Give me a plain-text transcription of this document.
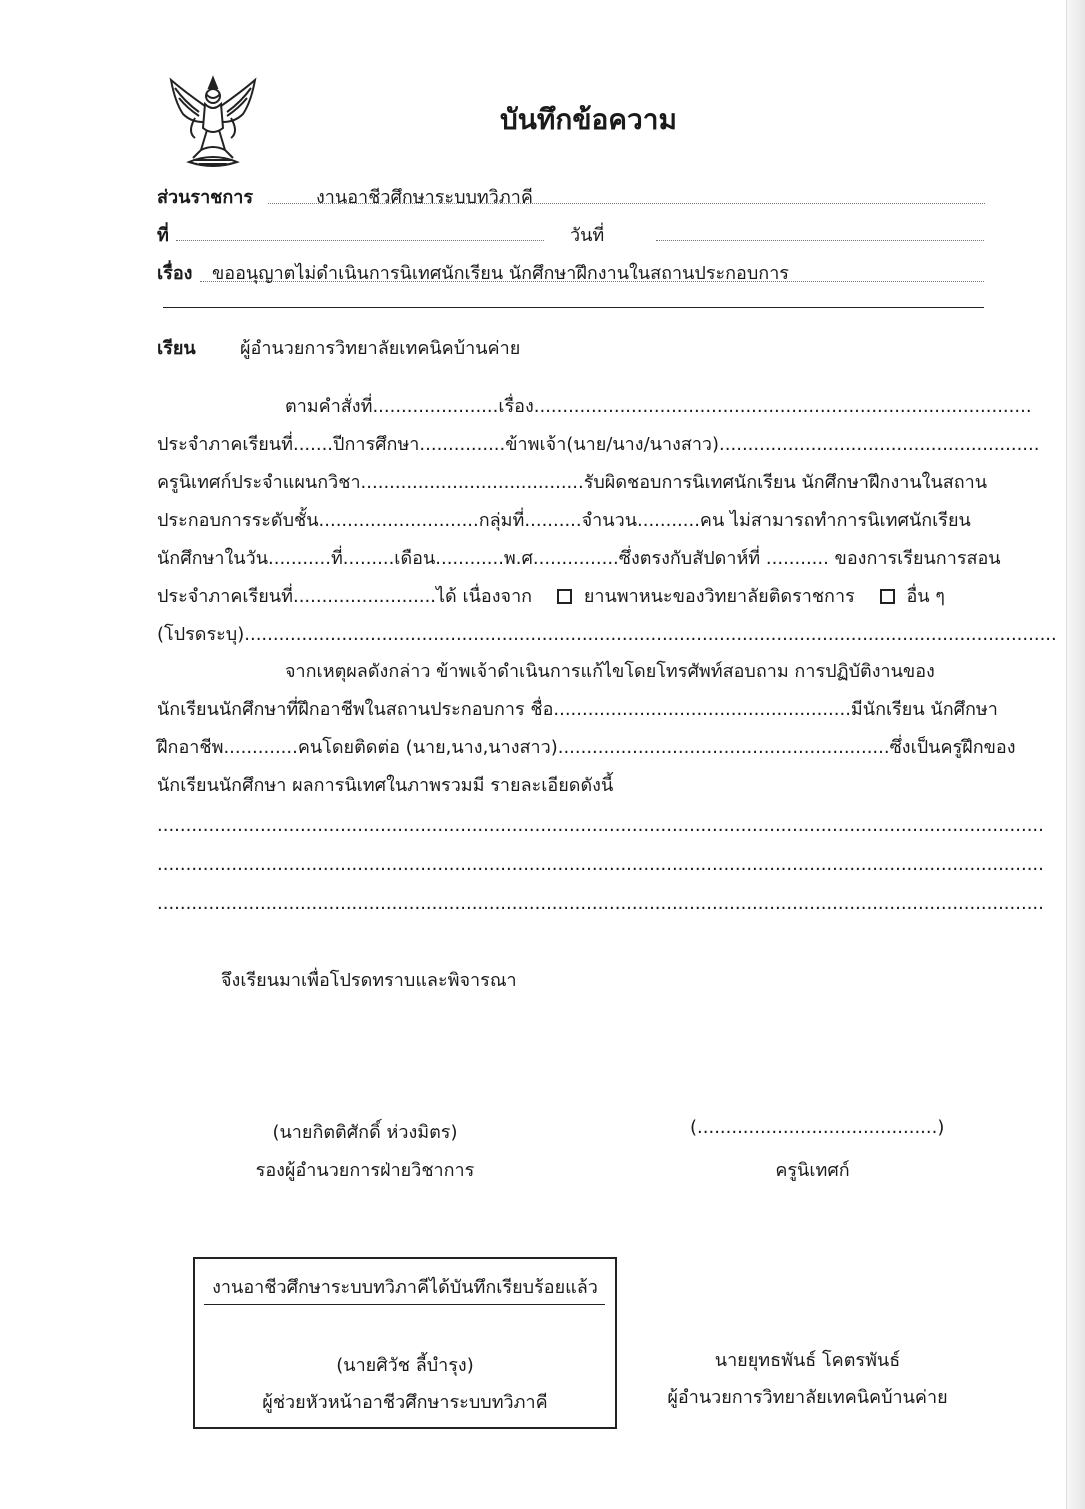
บันทึกข้อความ
ส่วนราชการ	งานอาชีวศึกษาระบบทวิภาคี
ที่	วันที่
เรื่อง ขออนุญาตไม่ดำเนินการนิเทศนักเรียน นักศึกษาฝึกงานในสถานประกอบการ
เรียน ผู้อำนวยการวิทยาลัยเทคนิคบ้านค่าย
ตามคำสั่งที่......................เรื่อง.......................................................................................
ประจำภาคเรียนที่.......ปีการศึกษา...............ข้าพเจ้า(นาย/นาง/นางสาว)........................................................
ครูนิเทศก์ประจำแผนกวิชา.......................................รับผิดชอบการนิเทศนักเรียน นักศึกษาฝึกงานในสถาน
ประกอบการระดับชั้น............................กลุ่มที่..........จำนวน...........คน ไม่สามารถทำการนิเทศนักเรียน
นักศึกษาในวัน...........ที่.........เดือน............พ.ศ...............ซึ่งตรงกับสัปดาห์ที่ ........... ของการเรียนการสอน
ประจำภาคเรียนที่.........................ได้ เนื่องจาก	ยานพาหนะของวิทยาลัยติดราชการ	อื่น ๆ
(โปรดระบุ)..............................................................................................................................................
จากเหตุผลดังกล่าว ข้าพเจ้าดำเนินการแก้ไขโดยโทรศัพท์สอบถาม การปฏิบัติงานของ
นักเรียนนักศึกษาที่ฝึกอาชีพในสถานประกอบการ ชื่อ....................................................มีนักเรียน นักศึกษา
ฝึกอาชีพ.............คนโดยติดต่อ (นาย,นาง,นางสาว)..........................................................ซึ่งเป็นครูฝึกของ
นักเรียนนักศึกษา ผลการนิเทศในภาพรวมมี รายละเอียดดังนี้
...........................................................................................................................................................
...........................................................................................................................................................
...........................................................................................................................................................
จึงเรียนมาเพื่อโปรดทราบและพิจารณา
(นายกิตติศักดิ์ ห่วงมิตร)
รองผู้อำนวยการฝ่ายวิชาการ
(..........................................)
ครูนิเทศก์
งานอาชีวศึกษาระบบทวิภาคีได้บันทึกเรียบร้อยแล้ว
(นายศิวัช ลี้บำรุง)
ผู้ช่วยหัวหน้าอาชีวศึกษาระบบทวิภาคี
นายยุทธพันธ์ โคตรพันธ์
ผู้อำนวยการวิทยาลัยเทคนิคบ้านค่าย
